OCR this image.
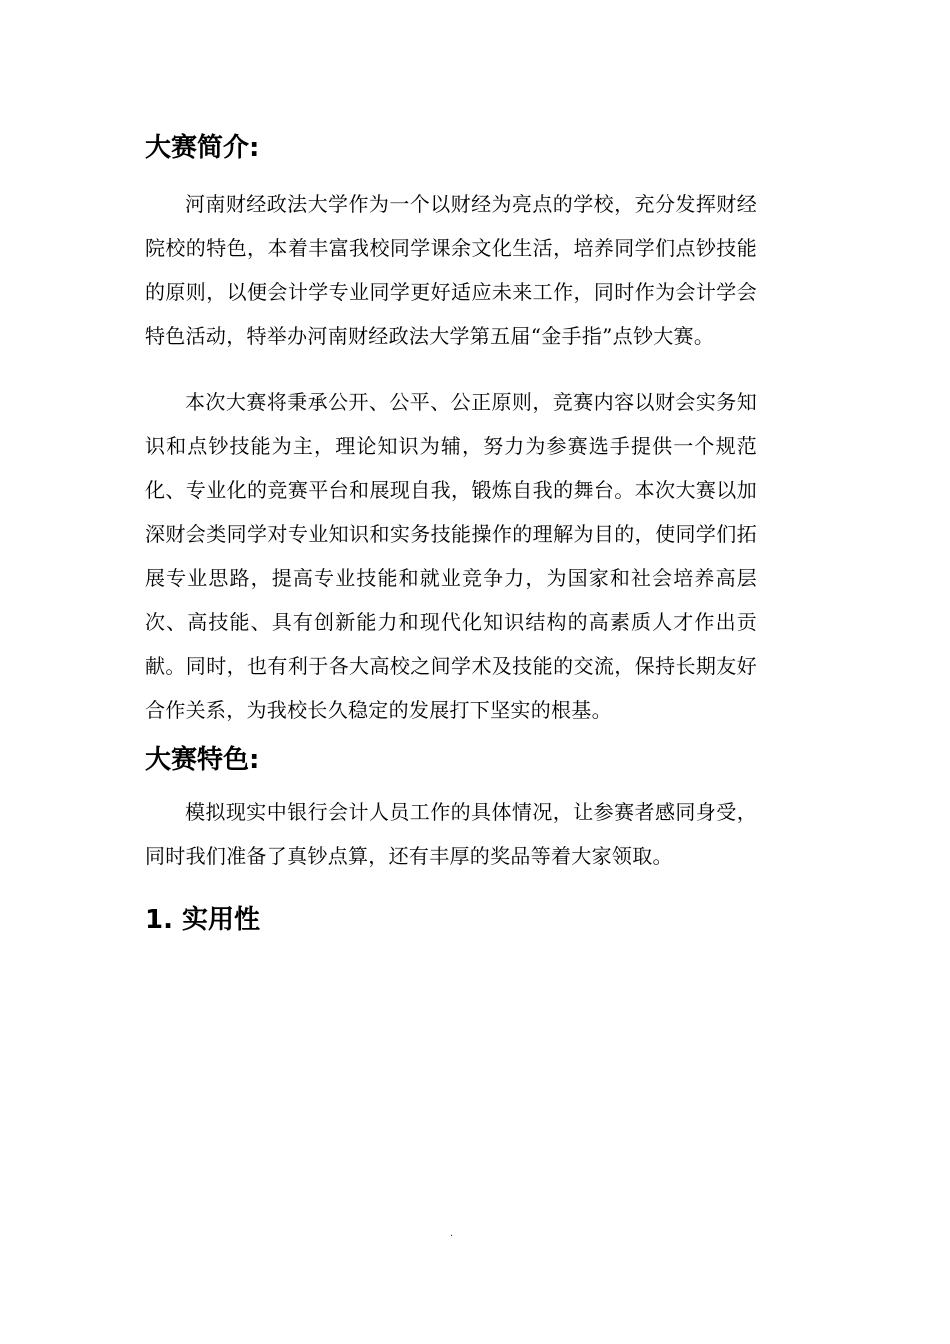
大赛简介:

河南财经政法大学作为一个以财经为亮点的学校，充分发挥财经院校的特色，本着丰富我校同学课余文化生活，培养同学们点钞技能的原则，以便会计学专业同学更好适应未来工作，同时作为会计学会特色活动，特举办河南财经政法大学第五届“金手指”点钞大赛。

本次大赛将秉承公开、公平、公正原则，竞赛内容以财会实务知识和点钞技能为主，理论知识为辅，努力为参赛选手提供一个规范化、专业化的竞赛平台和展现自我，锻炼自我的舞台。本次大赛以加深财会类同学对专业知识和实务技能操作的理解为目的，使同学们拓展专业思路，提高专业技能和就业竞争力，为国家和社会培养高层次、高技能、具有创新能力和现代化知识结构的高素质人才作出贡献。同时，也有利于各大高校之间学术及技能的交流，保持长期友好合作关系，为我校长久稳定的发展打下坚实的根基。

大赛特色:

模拟现实中银行会计人员工作的具体情况，让参赛者感同身受，同时我们准备了真钞点算，还有丰厚的奖品等着大家领取。

1. 实用性
.
